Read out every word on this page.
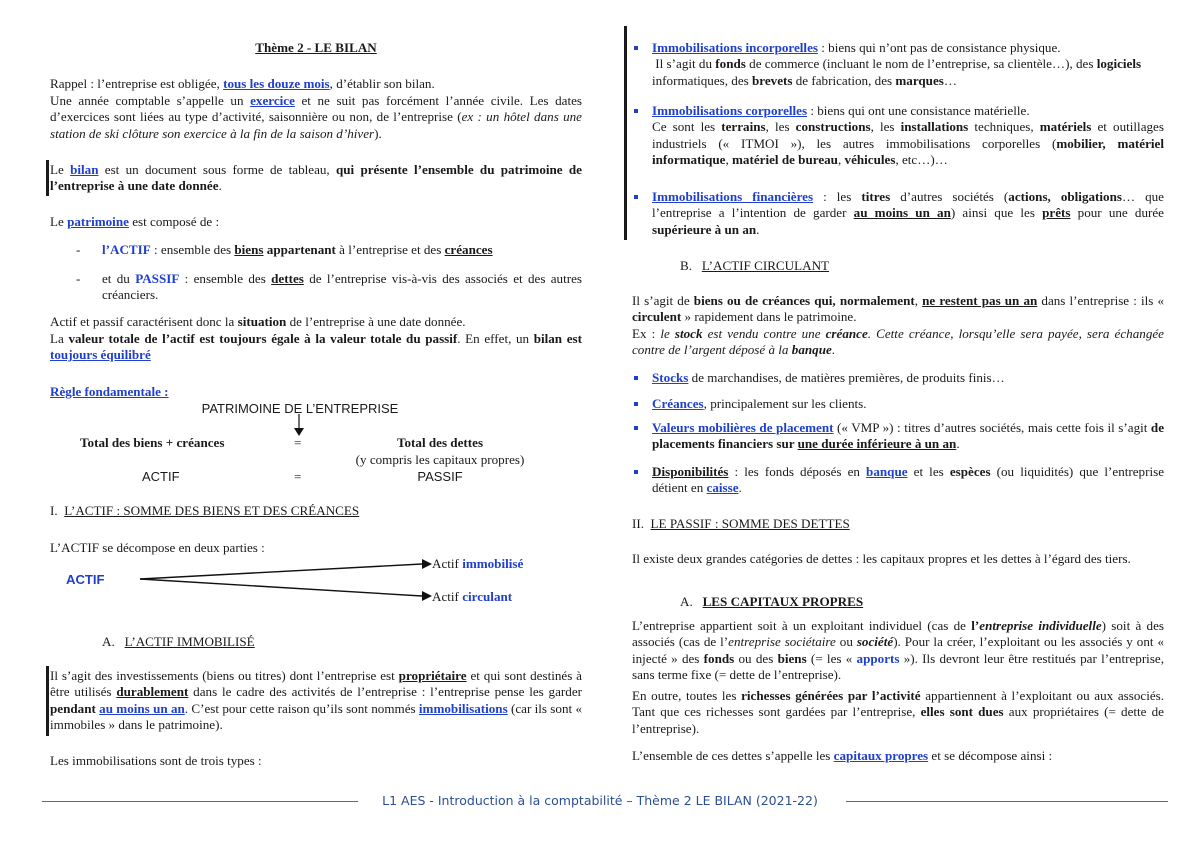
Thème 2 - LE BILAN

Rappel : l’entreprise est obligée, tous les douze mois, d’établir son bilan.

Une année comptable s’appelle un exercice et ne suit pas forcément l’année civile. Les dates d’exercices sont liées au type d’activité, saisonnière ou non, de l’entreprise (ex : un hôtel dans une station de ski clôture son exercice à la fin de la saison d’hiver).

Le bilan est un document sous forme de tableau, qui présente l’ensemble du patrimoine de l’entreprise à une date donnée.

Le patrimoine est composé de :

- l’ACTIF : ensemble des biens appartenant à l’entreprise et des créances

- et du PASSIF : ensemble des dettes de l’entreprise vis-à-vis des associés et des autres créanciers.

Actif et passif caractérisent donc la situation de l’entreprise à une date donnée.

La valeur totale de l’actif est toujours égale à la valeur totale du passif. En effet, un bilan est toujours équilibré

Règle fondamentale :

PATRIMOINE DE L’ENTREPRISE

Total des biens + créances	=	Total des dettes

(y compris les capitaux propres)

ACTIF	=	PASSIF

I. L’ACTIF : SOMME DES BIENS ET DES CRÉANCES

L’ACTIF se décompose en deux parties :

ACTIF

Actif immobilisé

Actif circulant

A. L’ACTIF IMMOBILISÉ

Il s’agit des investissements (biens ou titres) dont l’entreprise est propriétaire et qui sont destinés à être utilisés durablement dans le cadre des activités de l’entreprise : l’entreprise pense les garder pendant au moins un an. C’est pour cette raison qu’ils sont nommés immobilisations (car ils sont « immobiles » dans le patrimoine).

Les immobilisations sont de trois types :

Immobilisations incorporelles : biens qui n’ont pas de consistance physique.
Il s’agit du fonds de commerce (incluant le nom de l’entreprise, sa clientèle…), des logiciels informatiques, des brevets de fabrication, des marques…

Immobilisations corporelles : biens qui ont une consistance matérielle.
Ce sont les terrains, les constructions, les installations techniques, matériels et outillages industriels (« ITMOI »), les autres immobilisations corporelles (mobilier, matériel informatique, matériel de bureau, véhicules, etc…)…

Immobilisations financières : les titres d’autres sociétés (actions, obligations… que l’entreprise a l’intention de garder au moins un an) ainsi que les prêts pour une durée supérieure à un an.

B. L’ACTIF CIRCULANT

Il s’agit de biens ou de créances qui, normalement, ne restent pas un an dans l’entreprise : ils « circulent » rapidement dans le patrimoine.
Ex : le stock est vendu contre une créance. Cette créance, lorsqu’elle sera payée, sera échangée contre de l’argent déposé à la banque.

Stocks de marchandises, de matières premières, de produits finis…

Créances, principalement sur les clients.

Valeurs mobilières de placement (« VMP ») : titres d’autres sociétés, mais cette fois il s’agit de placements financiers sur une durée inférieure à un an.

Disponibilités : les fonds déposés en banque et les espèces (ou liquidités) que l’entreprise détient en caisse.

II. LE PASSIF : SOMME DES DETTES

Il existe deux grandes catégories de dettes : les capitaux propres et les dettes à l’égard des tiers.

A. LES CAPITAUX PROPRES

L’entreprise appartient soit à un exploitant individuel (cas de l’entreprise individuelle) soit à des associés (cas de l’entreprise sociétaire ou société). Pour la créer, l’exploitant ou les associés y ont « injecté » des fonds ou des biens (= les « apports »). Ils devront leur être restitués par l’entreprise, sans terme fixe (= dette de l’entreprise).

En outre, toutes les richesses générées par l’activité appartiennent à l’exploitant ou aux associés. Tant que ces richesses sont gardées par l’entreprise, elles sont dues aux propriétaires (= dette de l’entreprise).

L’ensemble de ces dettes s’appelle les capitaux propres et se décompose ainsi :

L1 AES - Introduction à la comptabilité – Thème 2 LE BILAN (2021-22)
